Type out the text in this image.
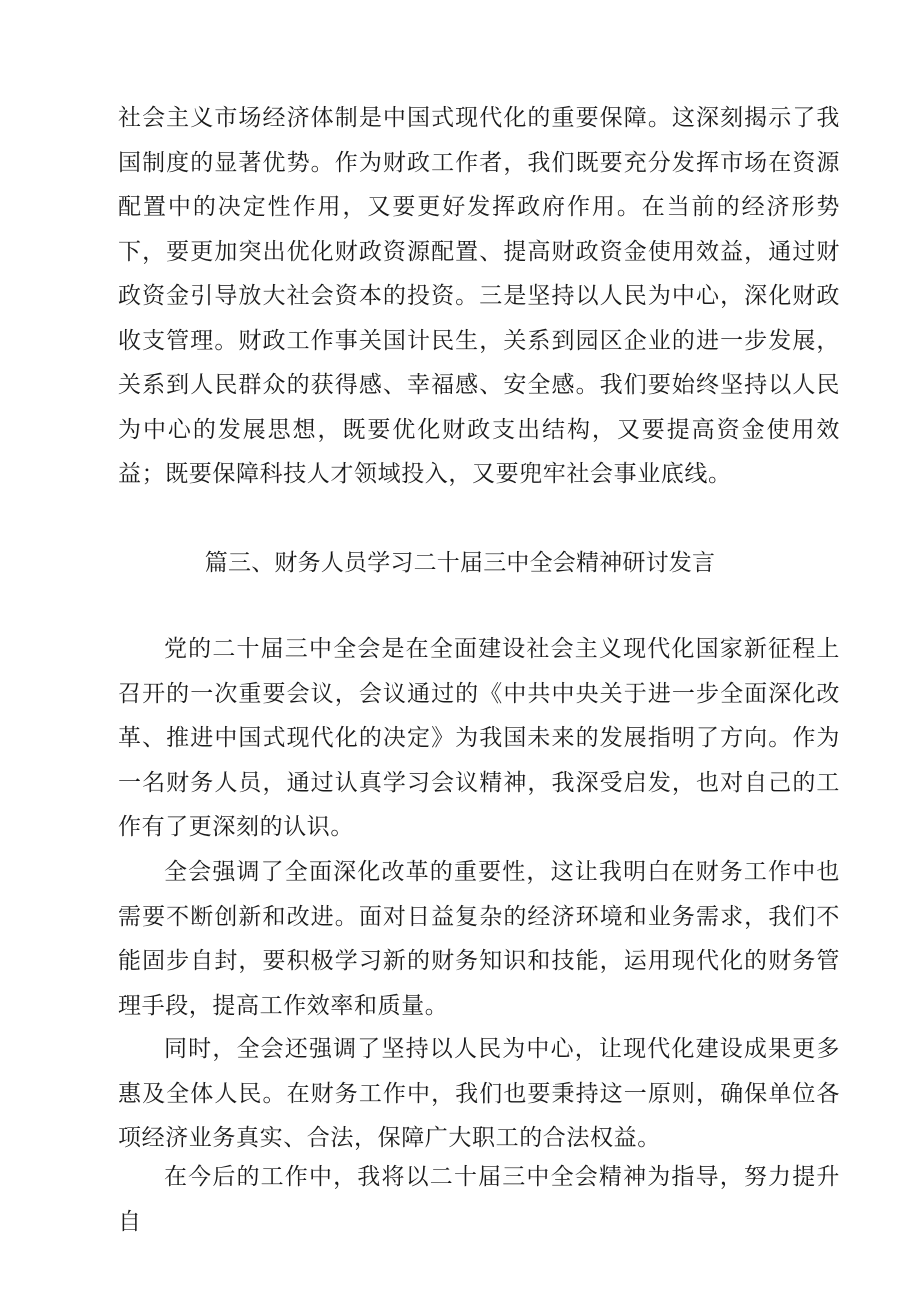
社会主义市场经济体制是中国式现代化的重要保障。这深刻揭示了我国制度的显著优势。作为财政工作者，我们既要充分发挥市场在资源配置中的决定性作用，又要更好发挥政府作用。在当前的经济形势下，要更加突出优化财政资源配置、提高财政资金使用效益，通过财政资金引导放大社会资本的投资。三是坚持以人民为中心，深化财政收支管理。财政工作事关国计民生，关系到园区企业的进一步发展，关系到人民群众的获得感、幸福感、安全感。我们要始终坚持以人民为中心的发展思想，既要优化财政支出结构，又要提高资金使用效益；既要保障科技人才领域投入，又要兜牢社会事业底线。

篇三、财务人员学习二十届三中全会精神研讨发言

党的二十届三中全会是在全面建设社会主义现代化国家新征程上召开的一次重要会议，会议通过的《中共中央关于进一步全面深化改革、推进中国式现代化的决定》为我国未来的发展指明了方向。作为一名财务人员，通过认真学习会议精神，我深受启发，也对自己的工作有了更深刻的认识。

全会强调了全面深化改革的重要性，这让我明白在财务工作中也需要不断创新和改进。面对日益复杂的经济环境和业务需求，我们不能固步自封，要积极学习新的财务知识和技能，运用现代化的财务管理手段，提高工作效率和质量。

同时，全会还强调了坚持以人民为中心，让现代化建设成果更多惠及全体人民。在财务工作中，我们也要秉持这一原则，确保单位各项经济业务真实、合法，保障广大职工的合法权益。

在今后的工作中，我将以二十届三中全会精神为指导，努力提升自
